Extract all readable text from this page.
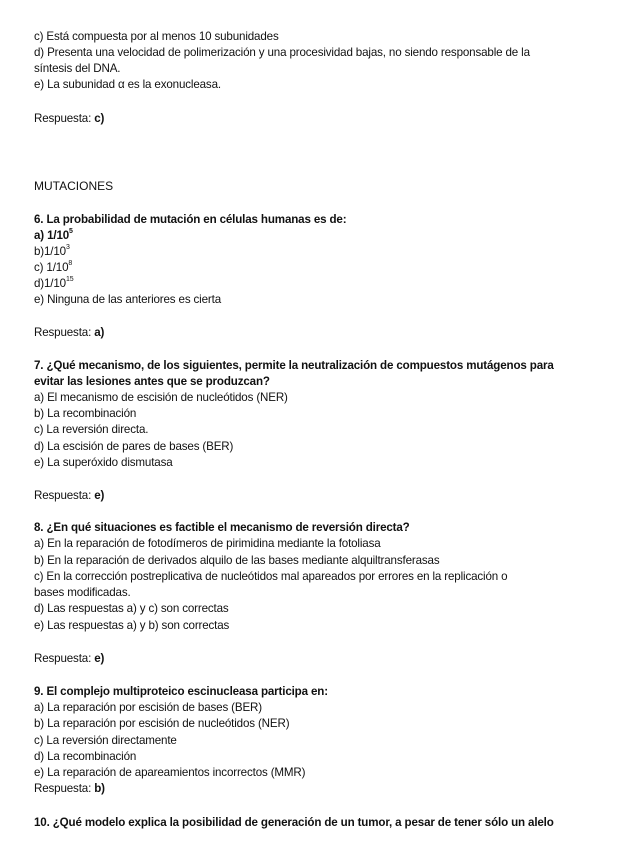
c) Está compuesta por al menos 10 subunidades
d) Presenta una velocidad de polimerización y una procesividad bajas, no siendo responsable de la
síntesis del DNA.
e) La subunidad α es la exonucleasa.
Respuesta: c)
MUTACIONES
6. La probabilidad de mutación en células humanas es de:
a) $1/10^5$
$b)1/10^3$
c) $1/10^8$
$d)1/10^{15}$
e) Ninguna de las anteriores es cierta
Respuesta: a)
7. ¿Qué mecanismo, de los siguientes, permite la neutralización de compuestos mutágenos para
evitar las lesiones antes que se produzcan?
a) El mecanismo de escisión de nucleótidos (NER)
b) La recombinación
c) La reversión directa.
d) La escisión de pares de bases (BER)
e) La superóxido dismutasa
Respuesta: e)
8. ¿En qué situaciones es factible el mecanismo de reversión directa?
a) En la reparación de fotodímeros de pirimidina mediante la fotoliasa
b) En la reparación de derivados alquilo de las bases mediante alquiltransferasas
c) En la corrección postreplicativa de nucleótidos mal apareados por errores en la replicación o
bases modificadas.
d) Las respuestas a) y c) son correctas
e) Las respuestas a) y b) son correctas
Respuesta: e)
9. El complejo multiproteico escinucleasa participa en:
a) La reparación por escisión de bases (BER)
b) La reparación por escisión de nucleótidos (NER)
c) La reversión directamente
d) La recombinación
e) La reparación de apareamientos incorrectos (MMR)
Respuesta: b)
10. ¿Qué modelo explica la posibilidad de generación de un tumor, a pesar de tener sólo un alelo
